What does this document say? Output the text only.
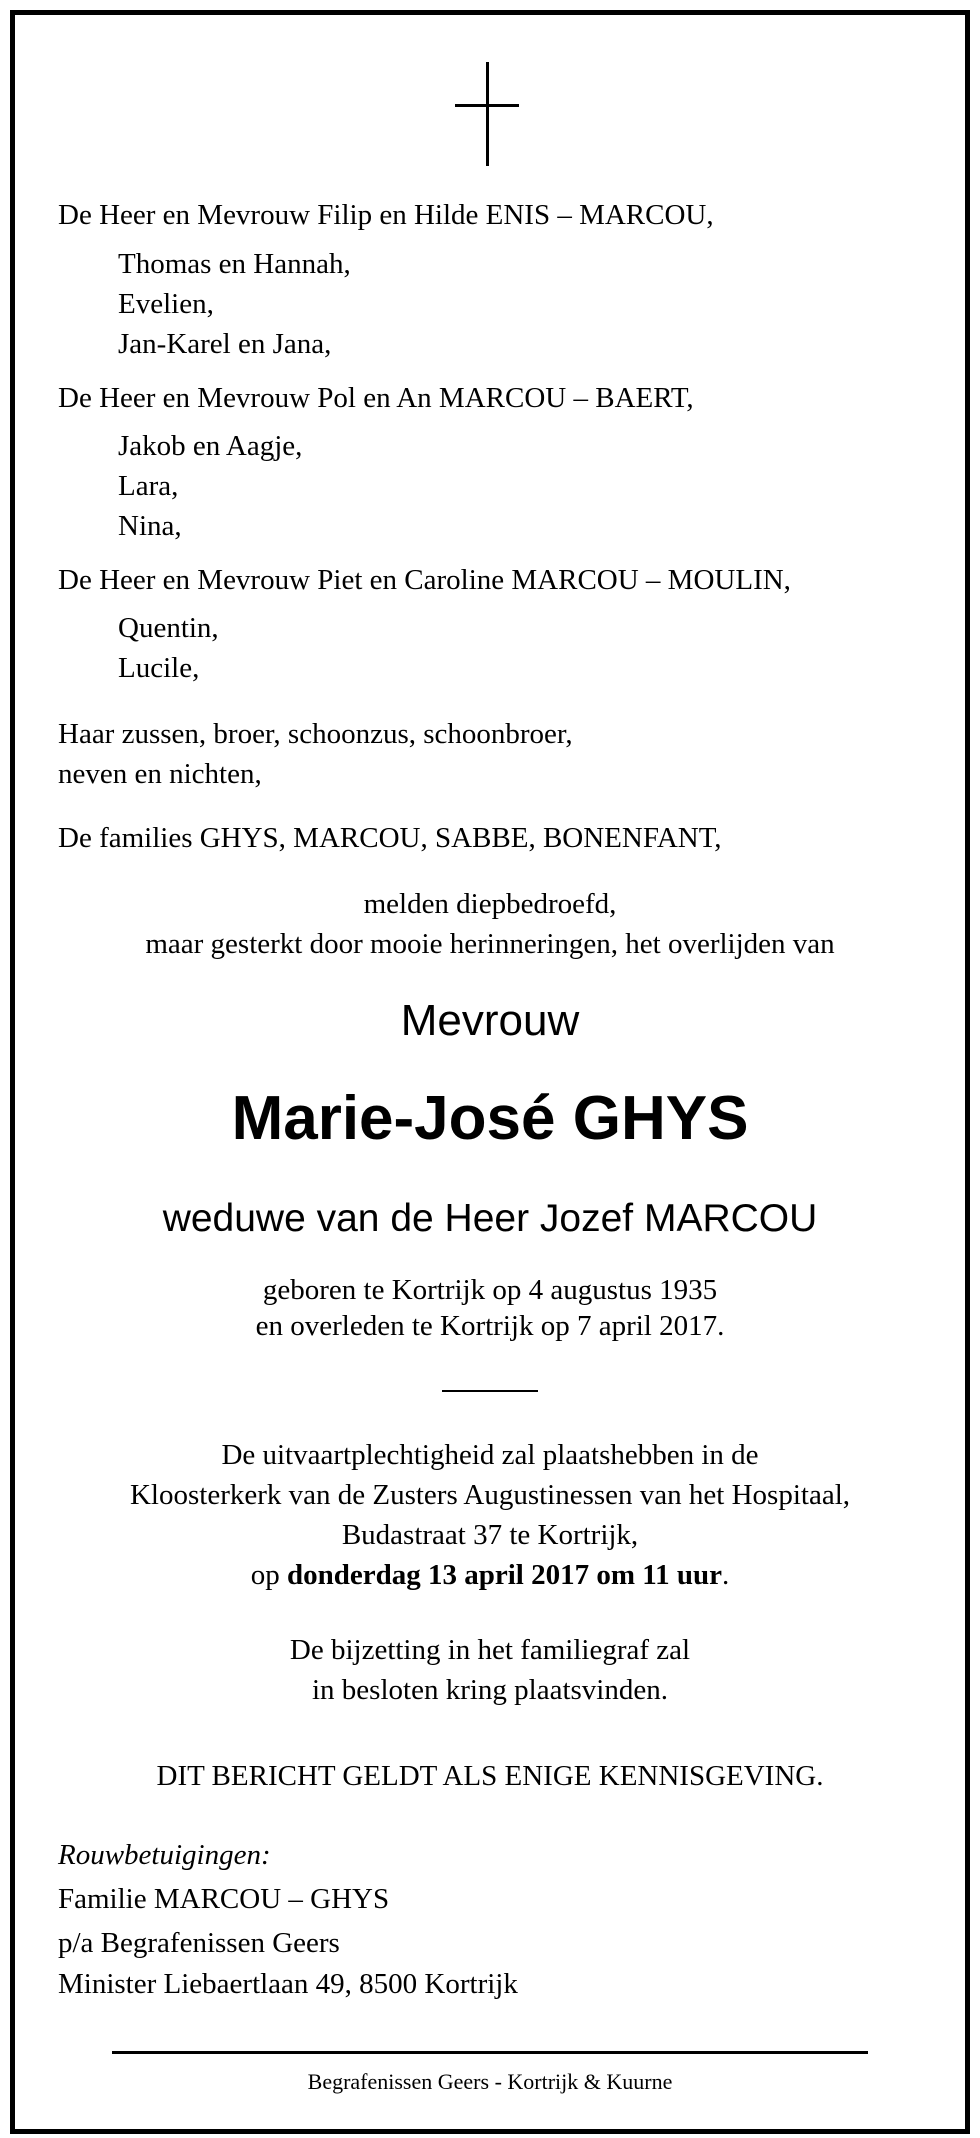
De Heer en Mevrouw Filip en Hilde ENIS – MARCOU,
Thomas en Hannah,
Evelien,
Jan-Karel en Jana,
De Heer en Mevrouw Pol en An MARCOU – BAERT,
Jakob en Aagje,
Lara,
Nina,
De Heer en Mevrouw Piet en Caroline MARCOU – MOULIN,
Quentin,
Lucile,
Haar zussen, broer, schoonzus, schoonbroer,
neven en nichten,
De families GHYS, MARCOU, SABBE, BONENFANT,
melden diepbedroefd,
maar gesterkt door mooie herinneringen, het overlijden van
Mevrouw
Marie-José GHYS
weduwe van de Heer Jozef MARCOU
geboren te Kortrijk op 4 augustus 1935
en overleden te Kortrijk op 7 april 2017.
De uitvaartplechtigheid zal plaatshebben in de
Kloosterkerk van de Zusters Augustinessen van het Hospitaal,
Budastraat 37 te Kortrijk,
op donderdag 13 april 2017 om 11 uur.
De bijzetting in het familiegraf zal
in besloten kring plaatsvinden.
DIT BERICHT GELDT ALS ENIGE KENNISGEVING.
Rouwbetuigingen:
Familie MARCOU – GHYS
p/a Begrafenissen Geers
Minister Liebaertlaan 49, 8500 Kortrijk
Begrafenissen Geers - Kortrijk & Kuurne
